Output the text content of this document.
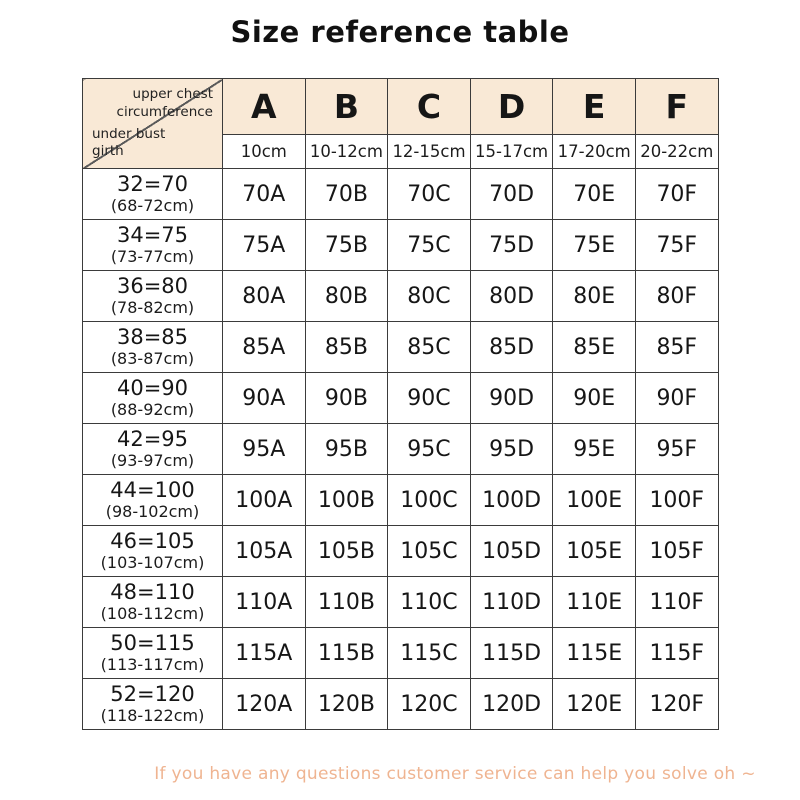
Size reference table
upper chest circumference
under bust girth	A	B	C	D	E	F
	10cm	10-12cm	12-15cm	15-17cm	17-20cm	20-22cm

32=70
(68-72cm)	70A	70B	70C	70D	70E	70F

34=75
(73-77cm)	75A	75B	75C	75D	75E	75F

36=80
(78-82cm)	80A	80B	80C	80D	80E	80F

38=85
(83-87cm)	85A	85B	85C	85D	85E	85F

40=90
(88-92cm)	90A	90B	90C	90D	90E	90F

42=95
(93-97cm)	95A	95B	95C	95D	95E	95F

44=100
(98-102cm)	100A	100B	100C	100D	100E	100F

46=105
(103-107cm)	105A	105B	105C	105D	105E	105F

48=110
(108-112cm)	110A	110B	110C	110D	110E	110F

50=115
(113-117cm)	115A	115B	115C	115D	115E	115F

52=120
(118-122cm)	120A	120B	120C	120D	120E	120F

If you have any questions customer service can help you solve oh ~
